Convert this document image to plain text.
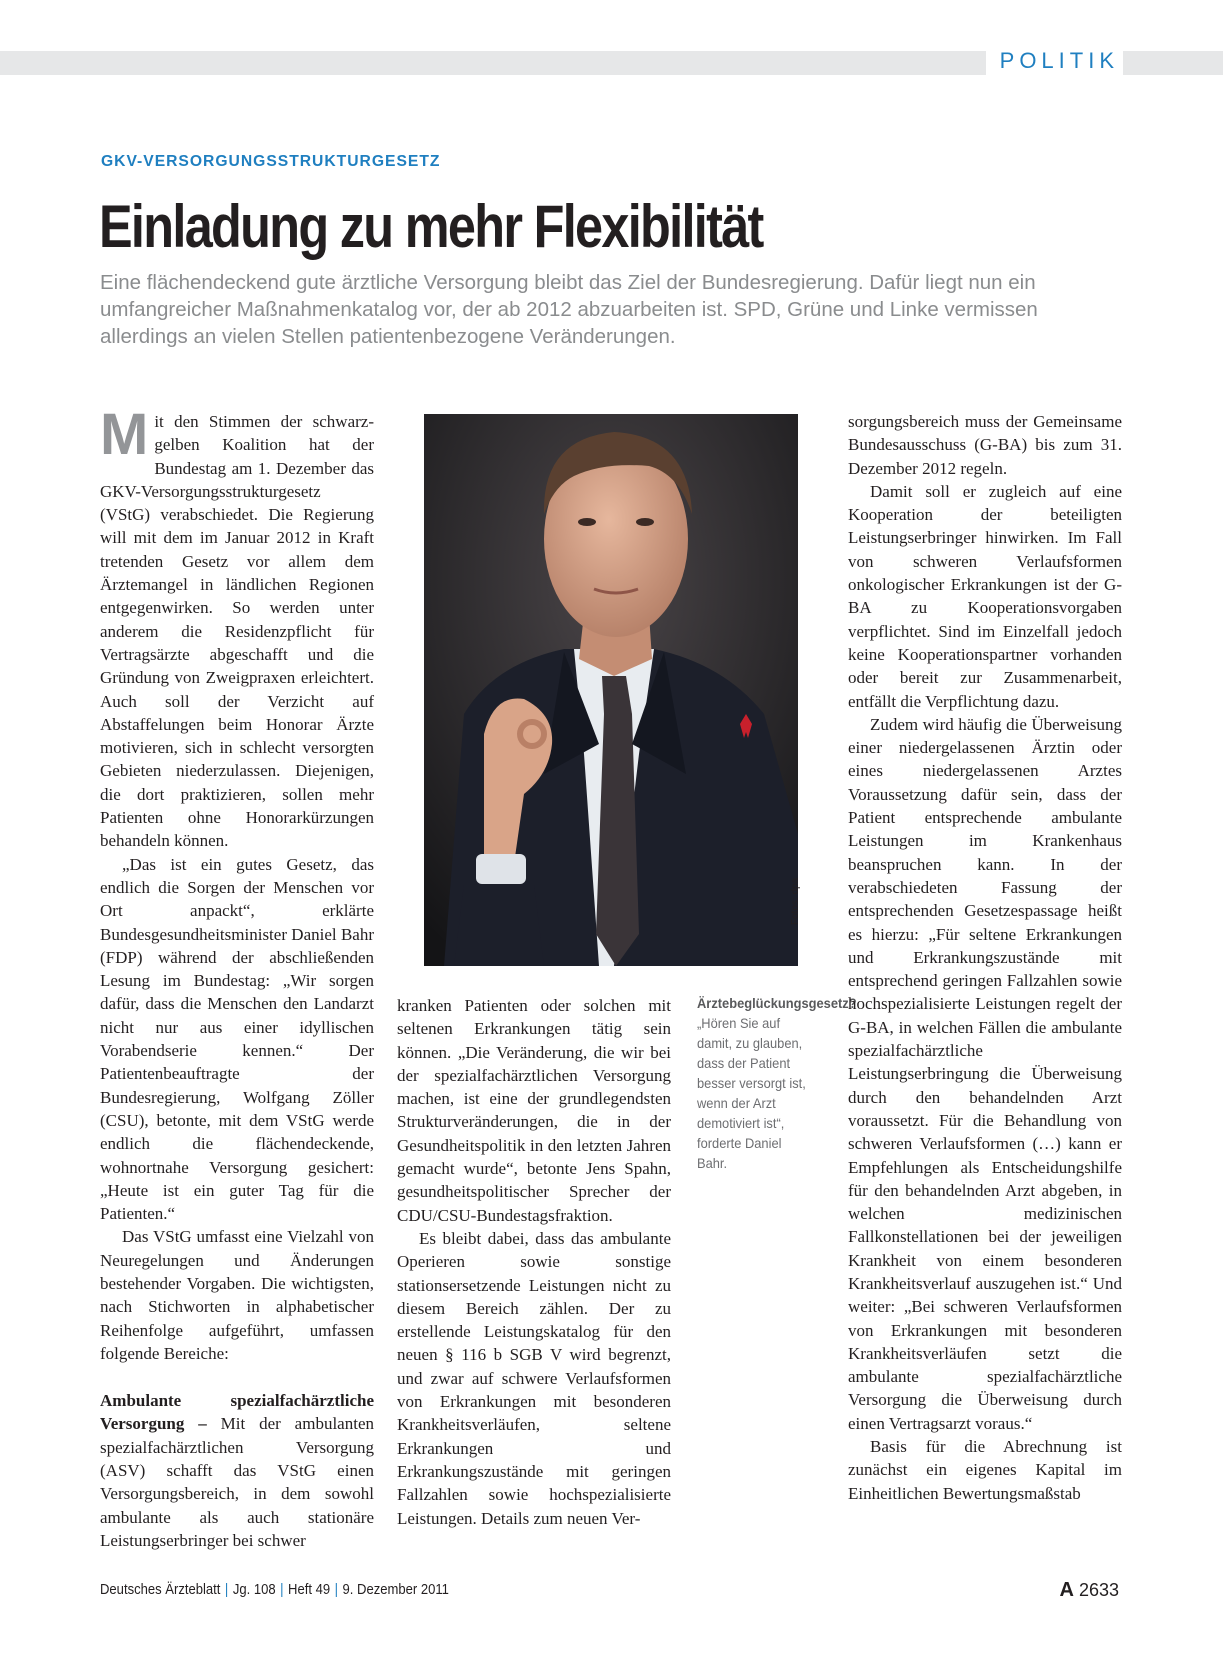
POLITIK
GKV-VERSORGUNGSSTRUKTURGESETZ
Einladung zu mehr Flexibilität

Eine flächendeckend gute ärztliche Versorgung bleibt das Ziel der Bundesregierung. Dafür liegt nun ein umfangreicher Maßnahmenkatalog vor, der ab 2012 abzuarbeiten ist. SPD, Grüne und Linke vermissen allerdings an vielen Stellen patientenbezogene Veränderungen.

Mit den Stimmen der schwarz-gelben Koalition hat der Bundestag am 1. Dezember das GKV-Versorgungsstrukturgesetz (VStG) verabschiedet. Die Regierung will mit dem im Januar 2012 in Kraft tretenden Gesetz vor allem dem Ärztemangel in ländlichen Regionen entgegenwirken. So werden unter anderem die Residenzpflicht für Vertragsärzte abgeschafft und die Gründung von Zweigpraxen erleichtert. Auch soll der Verzicht auf Abstaffelungen beim Honorar Ärzte motivieren, sich in schlecht versorgten Gebieten niederzulassen. Diejenigen, die dort praktizieren, sollen mehr Patienten ohne Honorarkürzungen behandeln können.

„Das ist ein gutes Gesetz, das endlich die Sorgen der Menschen vor Ort anpackt“, erklärte Bundesgesundheitsminister Daniel Bahr (FDP) während der abschließenden Lesung im Bundestag: „Wir sorgen dafür, dass die Menschen den Landarzt nicht nur aus einer idyllischen Vorabendserie kennen.“ Der Patientenbeauftragte der Bundesregierung, Wolfgang Zöller (CSU), betonte, mit dem VStG werde endlich die flächendeckende, wohnortnahe Versorgung gesichert: „Heute ist ein guter Tag für die Patienten.“

Das VStG umfasst eine Vielzahl von Neuregelungen und Änderungen bestehender Vorgaben. Die wichtigsten, nach Stichworten in alphabetischer Reihenfolge aufgeführt, umfassen folgende Bereiche:

Ambulante spezialfachärztliche Versorgung – Mit der ambulanten spezialfachärztlichen Versorgung (ASV) schafft das VStG einen Versorgungsbereich, in dem sowohl ambulante als auch stationäre Leistungserbringer bei schwer

Fotos: dpa

kranken Patienten oder solchen mit seltenen Erkrankungen tätig sein können. „Die Veränderung, die wir bei der spezialfachärztlichen Versorgung machen, ist eine der grundlegendsten Strukturveränderungen, die in der Gesundheitspolitik in den letzten Jahren gemacht wurde“, betonte Jens Spahn, gesundheitspolitischer Sprecher der CDU/CSU-Bundestagsfraktion.

Es bleibt dabei, dass das ambulante Operieren sowie sonstige stationsersetzende Leistungen nicht zu diesem Bereich zählen. Der zu erstellende Leistungskatalog für den neuen § 116 b SGB V wird begrenzt, und zwar auf schwere Verlaufsformen von Erkrankungen mit besonderen Krankheitsverläufen, seltene Erkrankungen und Erkrankungszustände mit geringen Fallzahlen sowie hochspezialisierte Leistungen. Details zum neuen Ver-

Ärztebeglückungsgesetz?
„Hören Sie auf damit, zu glauben, dass der Patient besser versorgt ist, wenn der Arzt demotiviert ist“, forderte Daniel Bahr.

sorgungsbereich muss der Gemeinsame Bundesausschuss (G-BA) bis zum 31. Dezember 2012 regeln.

Damit soll er zugleich auf eine Kooperation der beteiligten Leistungserbringer hinwirken. Im Fall von schweren Verlaufsformen onkologischer Erkrankungen ist der G-BA zu Kooperationsvorgaben verpflichtet. Sind im Einzelfall jedoch keine Kooperationspartner vorhanden oder bereit zur Zusammenarbeit, entfällt die Verpflichtung dazu.

Zudem wird häufig die Überweisung einer niedergelassenen Ärztin oder eines niedergelassenen Arztes Voraussetzung dafür sein, dass der Patient entsprechende ambulante Leistungen im Krankenhaus beanspruchen kann. In der verabschiedeten Fassung der entsprechenden Gesetzespassage heißt es hierzu: „Für seltene Erkrankungen und Erkrankungszustände mit entsprechend geringen Fallzahlen sowie hochspezialisierte Leistungen regelt der G-BA, in welchen Fällen die ambulante spezialfachärztliche Leistungserbringung die Überweisung durch den behandelnden Arzt voraussetzt. Für die Behandlung von schweren Verlaufsformen (…) kann er Empfehlungen als Entscheidungshilfe für den behandelnden Arzt abgeben, in welchen medizinischen Fallkonstellationen bei der jeweiligen Krankheit von einem besonderen Krankheitsverlauf auszugehen ist.“ Und weiter: „Bei schweren Verlaufsformen von Erkrankungen mit besonderen Krankheitsverläufen setzt die ambulante spezialfachärztliche Versorgung die Überweisung durch einen Vertragsarzt voraus.“

Basis für die Abrechnung ist zunächst ein eigenes Kapital im Einheitlichen Bewertungsmaßstab

Deutsches Ärzteblatt | Jg. 108 | Heft 49 | 9. Dezember 2011	A 2633
